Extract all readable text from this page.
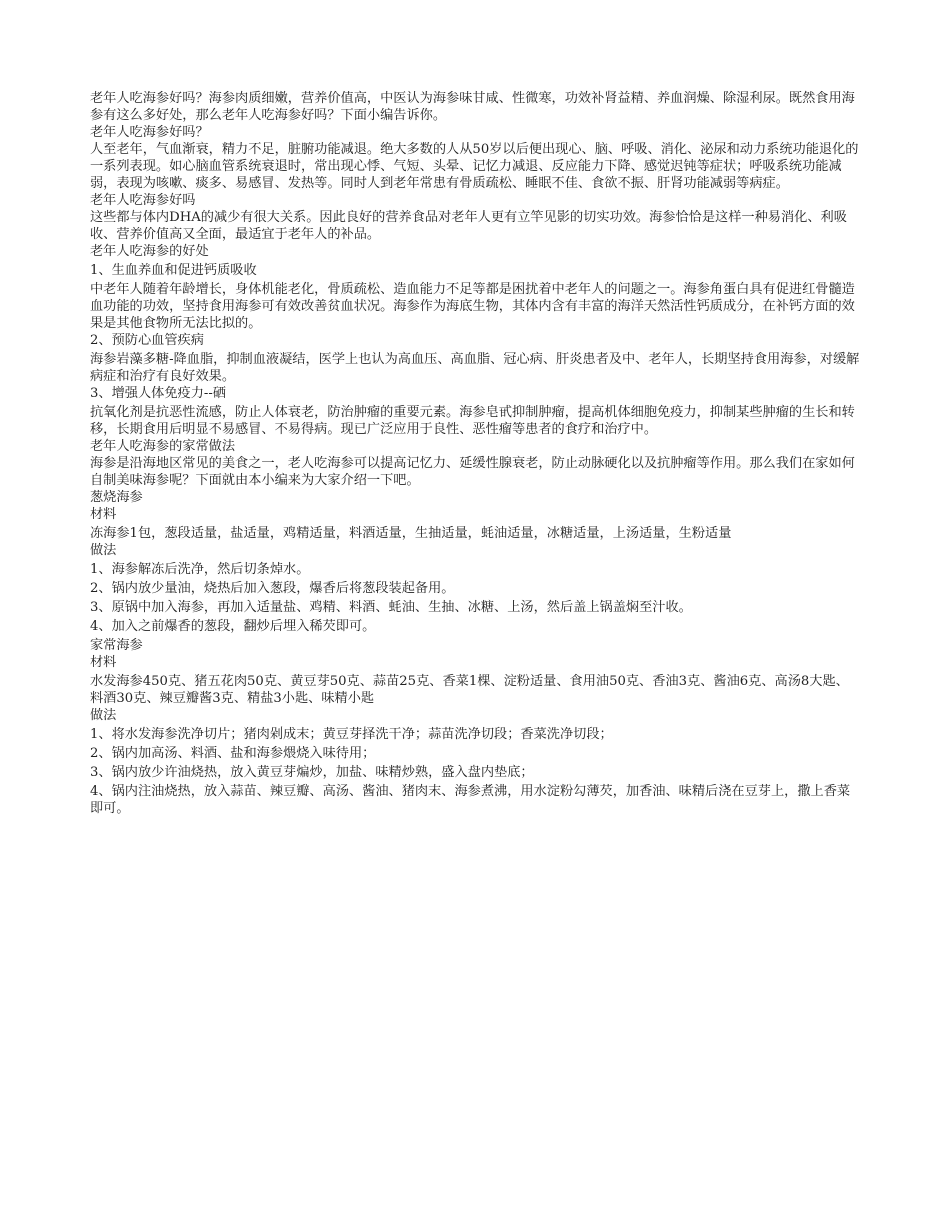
老年人吃海参好吗？海参肉质细嫩，营养价值高，中医认为海参味甘咸、性微寒，功效补肾益精、养血润燥、除湿利尿。既然食用海参有这么多好处，那么老年人吃海参好吗？下面小编告诉你。

老年人吃海参好吗？

人至老年，气血渐衰，精力不足，脏腑功能减退。绝大多数的人从50岁以后便出现心、脑、呼吸、消化、泌尿和动力系统功能退化的一系列表现。如心脑血管系统衰退时，常出现心悸、气短、头晕、记忆力减退、反应能力下降、感觉迟钝等症状；呼吸系统功能减弱，表现为咳嗽、痰多、易感冒、发热等。同时人到老年常患有骨质疏松、睡眠不佳、食欲不振、肝肾功能减弱等病症。

老年人吃海参好吗

这些都与体内DHA的减少有很大关系。因此良好的营养食品对老年人更有立竿见影的切实功效。海参恰恰是这样一种易消化、利吸收、营养价值高又全面，最适宜于老年人的补品。

老年人吃海参的好处

1、生血养血和促进钙质吸收

中老年人随着年龄增长，身体机能老化，骨质疏松、造血能力不足等都是困扰着中老年人的问题之一。海参角蛋白具有促进红骨髓造血功能的功效，坚持食用海参可有效改善贫血状况。海参作为海底生物，其体内含有丰富的海洋天然活性钙质成分，在补钙方面的效果是其他食物所无法比拟的。

2、预防心血管疾病

海参岩藻多糖-降血脂，抑制血液凝结，医学上也认为高血压、高血脂、冠心病、肝炎患者及中、老年人，长期坚持食用海参，对缓解病症和治疗有良好效果。

3、增强人体免疫力--硒

抗氧化剂是抗恶性流感，防止人体衰老，防治肿瘤的重要元素。海参皂甙抑制肿瘤，提高机体细胞免疫力，抑制某些肿瘤的生长和转移，长期食用后明显不易感冒、不易得病。现已广泛应用于良性、恶性瘤等患者的食疗和治疗中。

老年人吃海参的家常做法

海参是沿海地区常见的美食之一，老人吃海参可以提高记忆力、延缓性腺衰老，防止动脉硬化以及抗肿瘤等作用。那么我们在家如何自制美味海参呢？下面就由本小编来为大家介绍一下吧。

葱烧海参

材料

冻海参1包，葱段适量，盐适量，鸡精适量，料酒适量，生抽适量，蚝油适量，冰糖适量，上汤适量，生粉适量

做法

1、海参解冻后洗净，然后切条焯水。

2、锅内放少量油，烧热后加入葱段，爆香后将葱段装起备用。

3、原锅中加入海参，再加入适量盐、鸡精、料酒、蚝油、生抽、冰糖、上汤，然后盖上锅盖焖至汁收。

4、加入之前爆香的葱段，翻炒后埋入稀芡即可。

家常海参

材料

水发海参450克、猪五花肉50克、黄豆芽50克、蒜苗25克、香菜1棵、淀粉适量、食用油50克、香油3克、酱油6克、高汤8大匙、料酒30克、辣豆瓣酱3克、精盐3小匙、味精小匙

做法

1、将水发海参洗净切片；猪肉剁成末；黄豆芽择洗干净；蒜苗洗净切段；香菜洗净切段；

2、锅内加高汤、料酒、盐和海参煨烧入味待用；

3、锅内放少许油烧热，放入黄豆芽煸炒，加盐、味精炒熟，盛入盘内垫底；

4、锅内注油烧热，放入蒜苗、辣豆瓣、高汤、酱油、猪肉末、海参煮沸，用水淀粉勾薄芡，加香油、味精后浇在豆芽上，撒上香菜即可。
